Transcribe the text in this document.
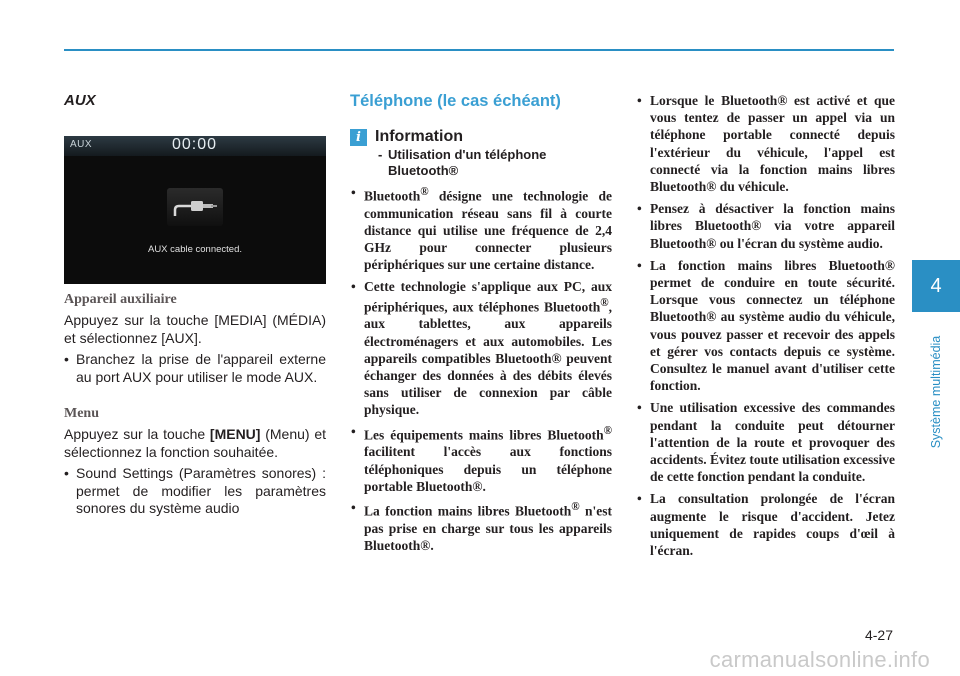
AUX

AUX	00:00
AUX cable connected.

Appareil auxiliaire

Appuyez sur la touche [MEDIA] (MÉDIA) et sélectionnez [AUX].

• Branchez la prise de l'appareil externe au port AUX pour utiliser le mode AUX.

Menu

Appuyez sur la touche [MENU] (Menu) et sélectionnez la fonction souhaitée.

• Sound Settings (Paramètres sonores) : permet de modifier les paramètres sonores du système audio

Téléphone (le cas échéant)

i Information
- Utilisation d'un téléphone
Bluetooth®
• Bluetooth® désigne une technologie de communication réseau sans fil à courte distance qui utilise une fréquence de 2,4 GHz pour connecter plusieurs périphériques sur une certaine distance.
• Cette technologie s'applique aux PC, aux périphériques, aux téléphones Bluetooth®, aux tablettes, aux appareils électroménagers et aux automobiles. Les appareils compatibles Bluetooth® peuvent échanger des données à des débits élevés sans utiliser de connexion par câble physique.
• Les équipements mains libres Bluetooth® facilitent l'accès aux fonctions téléphoniques depuis un téléphone portable Bluetooth®.
• La fonction mains libres Bluetooth® n'est pas prise en charge sur tous les appareils Bluetooth®.
• Lorsque le Bluetooth® est activé et que vous tentez de passer un appel via un téléphone portable connecté depuis l'extérieur du véhicule, l'appel est connecté via la fonction mains libres Bluetooth® du véhicule.
• Pensez à désactiver la fonction mains libres Bluetooth® via votre appareil Bluetooth® ou l'écran du système audio.
• La fonction mains libres Bluetooth® permet de conduire en toute sécurité. Lorsque vous connectez un téléphone Bluetooth® au système audio du véhicule, vous pouvez passer et recevoir des appels et gérer vos contacts depuis ce système. Consultez le manuel avant d'utiliser cette fonction.
• Une utilisation excessive des commandes pendant la conduite peut détourner l'attention de la route et provoquer des accidents. Évitez toute utilisation excessive de cette fonction pendant la conduite.
• La consultation prolongée de l'écran augmente le risque d'accident. Jetez uniquement de rapides coups d'œil à l'écran.
4
Système multimédia
4-27
carmanualsonline.info
